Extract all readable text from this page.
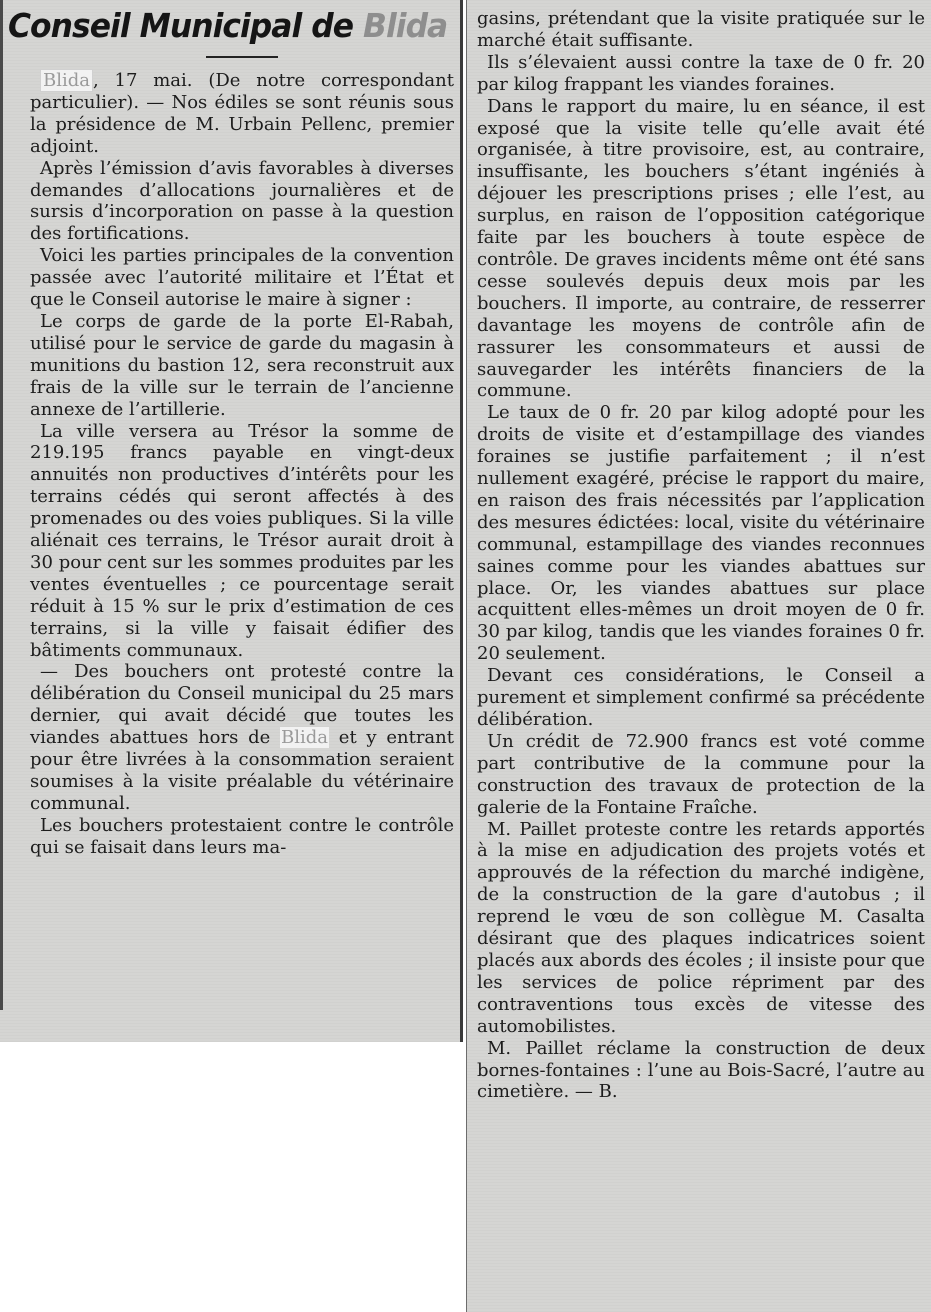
Conseil Municipal de Blida

Blida , 17 mai. (De notre correspondant particulier). — Nos édiles se sont réunis sous la présidence de M. Urbain Pellenc, premier adjoint.

Après l’émission d’avis favorables à diverses demandes d’allocations journalières et de sursis d’incorporation on passe à la question des fortifications.

Voici les parties principales de la convention passée avec l’autorité militaire et l’État et que le Conseil autorise le maire à signer :

Le corps de garde de la porte El-Rabah, utilisé pour le service de garde du magasin à munitions du bastion 12, sera reconstruit aux frais de la ville sur le terrain de l’ancienne annexe de l’artillerie.

La ville versera au Trésor la somme de 219.195 francs payable en vingt-deux annuités non productives d’intérêts pour les terrains cédés qui seront affectés à des promenades ou des voies publiques. Si la ville aliénait ces terrains, le Trésor aurait droit à 30 pour cent sur les sommes produites par les ventes éventuelles ; ce pourcentage serait réduit à 15 % sur le prix d’estimation de ces terrains, si la ville y faisait édifier des bâtiments communaux.

— Des bouchers ont protesté contre la délibération du Conseil municipal du 25 mars dernier, qui avait décidé que toutes les viandes abattues hors de Blida et y entrant pour être livrées à la consommation seraient soumises à la visite préalable du vétérinaire communal.

Les bouchers protestaient contre le contrôle qui se faisait dans leurs ma-

gasins, prétendant que la visite pratiquée sur le marché était suffisante.

Ils s’élevaient aussi contre la taxe de 0 fr. 20 par kilog frappant les viandes foraines.

Dans le rapport du maire, lu en séance, il est exposé que la visite telle qu’elle avait été organisée, à titre provisoire, est, au contraire, insuffisante, les bouchers s’étant ingéniés à déjouer les prescriptions prises ; elle l’est, au surplus, en raison de l’opposition catégorique faite par les bouchers à toute espèce de contrôle. De graves incidents même ont été sans cesse soulevés depuis deux mois par les bouchers. Il importe, au contraire, de resserrer davantage les moyens de contrôle afin de rassurer les consommateurs et aussi de sauvegarder les intérêts financiers de la commune.

Le taux de 0 fr. 20 par kilog adopté pour les droits de visite et d’estampillage des viandes foraines se justifie parfaitement ; il n’est nullement exagéré, précise le rapport du maire, en raison des frais nécessités par l’application des mesures édictées: local, visite du vétérinaire communal, estampillage des viandes reconnues saines comme pour les viandes abattues sur place. Or, les viandes abattues sur place acquittent elles-mêmes un droit moyen de 0 fr. 30 par kilog, tandis que les viandes foraines 0 fr. 20 seulement.

Devant ces considérations, le Conseil a purement et simplement confirmé sa précédente délibération.

Un crédit de 72.900 francs est voté comme part contributive de la commune pour la construction des travaux de protection de la galerie de la Fontaine Fraîche.

M. Paillet proteste contre les retards apportés à la mise en adjudication des projets votés et approuvés de la réfection du marché indigène, de la construction de la gare d'autobus ; il reprend le vœu de son collègue M. Casalta désirant que des plaques indicatrices soient placés aux abords des écoles ; il insiste pour que les services de police répriment par des contraventions tous excès de vitesse des automobilistes.

M. Paillet réclame la construction de deux bornes-fontaines : l’une au Bois-Sacré, l’autre au cimetière. — B.
